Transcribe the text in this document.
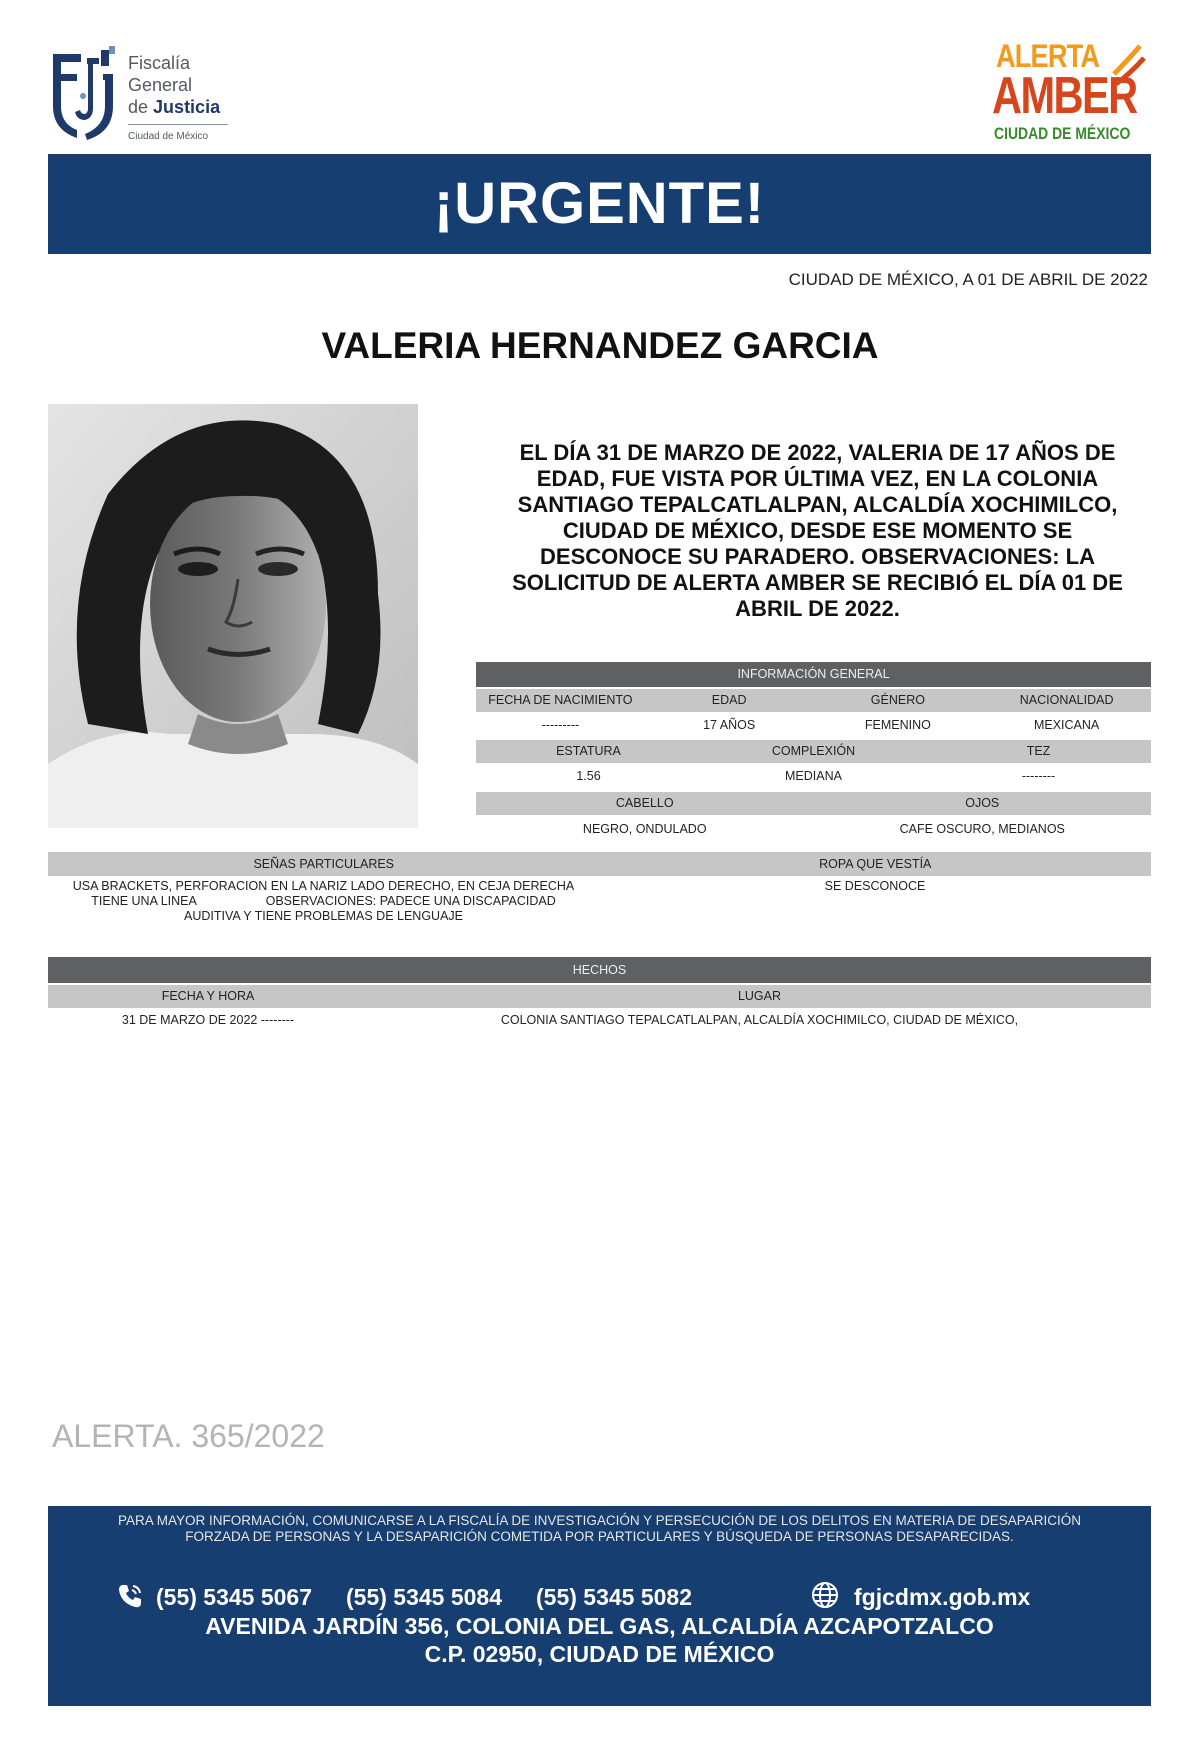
Fiscalía
General
de Justicia
Ciudad de México
ALERTA
AMBER
CIUDAD DE MÉXICO
¡URGENTE!
CIUDAD DE MÉXICO, A 01 DE ABRIL DE 2022
VALERIA HERNANDEZ GARCIA
EL DÍA 31 DE MARZO DE 2022, VALERIA DE 17 AÑOS DE EDAD, FUE VISTA POR ÚLTIMA VEZ, EN LA COLONIA SANTIAGO TEPALCATLALPAN, ALCALDÍA XOCHIMILCO, CIUDAD DE MÉXICO, DESDE ESE MOMENTO SE DESCONOCE SU PARADERO. OBSERVACIONES: LA SOLICITUD DE ALERTA AMBER SE RECIBIÓ EL DÍA 01 DE ABRIL DE 2022.
INFORMACIÓN GENERAL
FECHA DE NACIMIENTO	EDAD	GÉNERO	NACIONALIDAD
---------	17 AÑOS	FEMENINO	MEXICANA
ESTATURA	COMPLEXIÓN	TEZ
1.56	MEDIANA	--------
CABELLO	OJOS
NEGRO, ONDULADO	CAFE OSCURO, MEDIANOS
SEÑAS PARTICULARES	ROPA QUE VESTÍA
USA BRACKETS, PERFORACION EN LA NARIZ LADO DERECHO, EN CEJA DERECHA
TIENE UNA LINEA                    OBSERVACIONES: PADECE UNA DISCAPACIDAD
AUDITIVA Y TIENE PROBLEMAS DE LENGUAJE
SE DESCONOCE
HECHOS
FECHA Y HORA	LUGAR
31 DE MARZO DE 2022 --------	COLONIA SANTIAGO TEPALCATLALPAN, ALCALDÍA XOCHIMILCO, CIUDAD DE MÉXICO,
ALERTA. 365/2022
PARA MAYOR INFORMACIÓN, COMUNICARSE A LA FISCALÍA DE INVESTIGACIÓN Y PERSECUCIÓN DE LOS DELITOS EN MATERIA DE DESAPARICIÓN
FORZADA DE PERSONAS Y LA DESAPARICIÓN COMETIDA POR PARTICULARES Y BÚSQUEDA DE PERSONAS DESAPARECIDAS.
(55) 5345 5067 (55) 5345 5084 (55) 5345 5082	fgjcdmx.gob.mx
AVENIDA JARDÍN 356, COLONIA DEL GAS, ALCALDÍA AZCAPOTZALCO
C.P. 02950, CIUDAD DE MÉXICO
